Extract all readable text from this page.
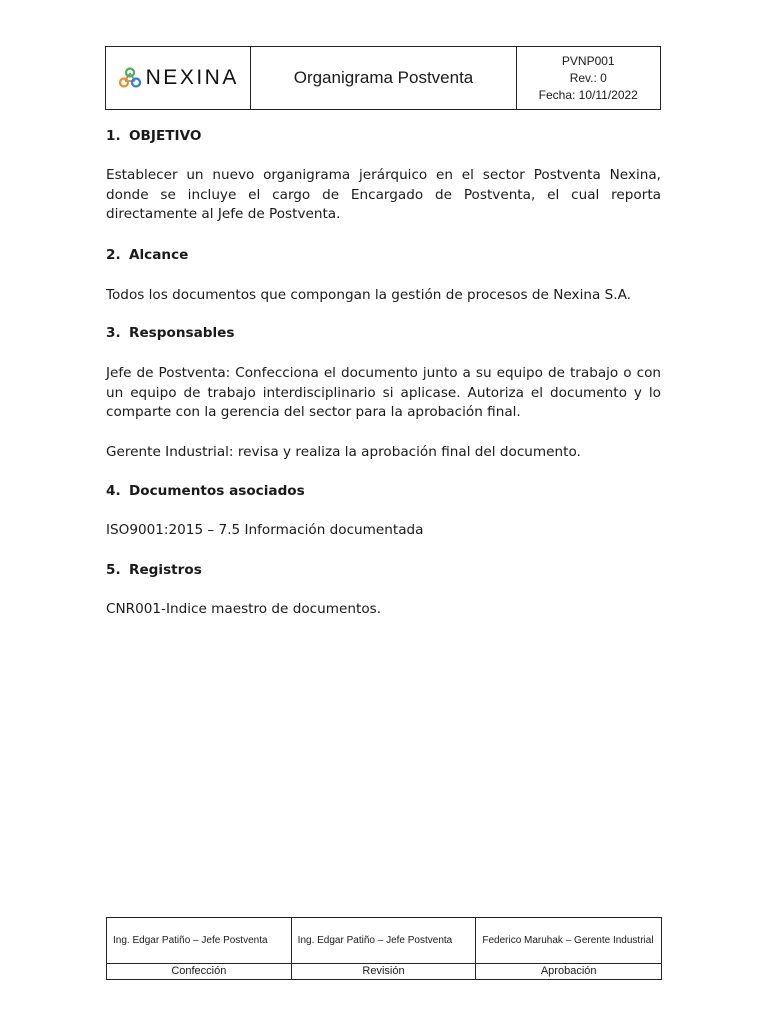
NEXINA	Organigrama Postventa
PVNP001
Rev.: 0
Fecha: 10/11/2022
1. OBJETIVO
Establecer un nuevo organigrama jerárquico en el sector Postventa Nexina, donde se incluye el cargo de Encargado de Postventa, el cual reporta directamente al Jefe de Postventa.
2. Alcance
Todos los documentos que compongan la gestión de procesos de Nexina S.A.
3. Responsables
Jefe de Postventa: Confecciona el documento junto a su equipo de trabajo o con un equipo de trabajo interdisciplinario si aplicase. Autoriza el documento y lo comparte con la gerencia del sector para la aprobación final.
Gerente Industrial: revisa y realiza la aprobación final del documento.
4. Documentos asociados
ISO9001:2015 – 7.5 Información documentada
5. Registros
CNR001-Indice maestro de documentos.
Ing. Edgar Patiño – Jefe Postventa	Ing. Edgar Patiño – Jefe Postventa	Federico Maruhak – Gerente Industrial
Confección	Revisión	Aprobación
